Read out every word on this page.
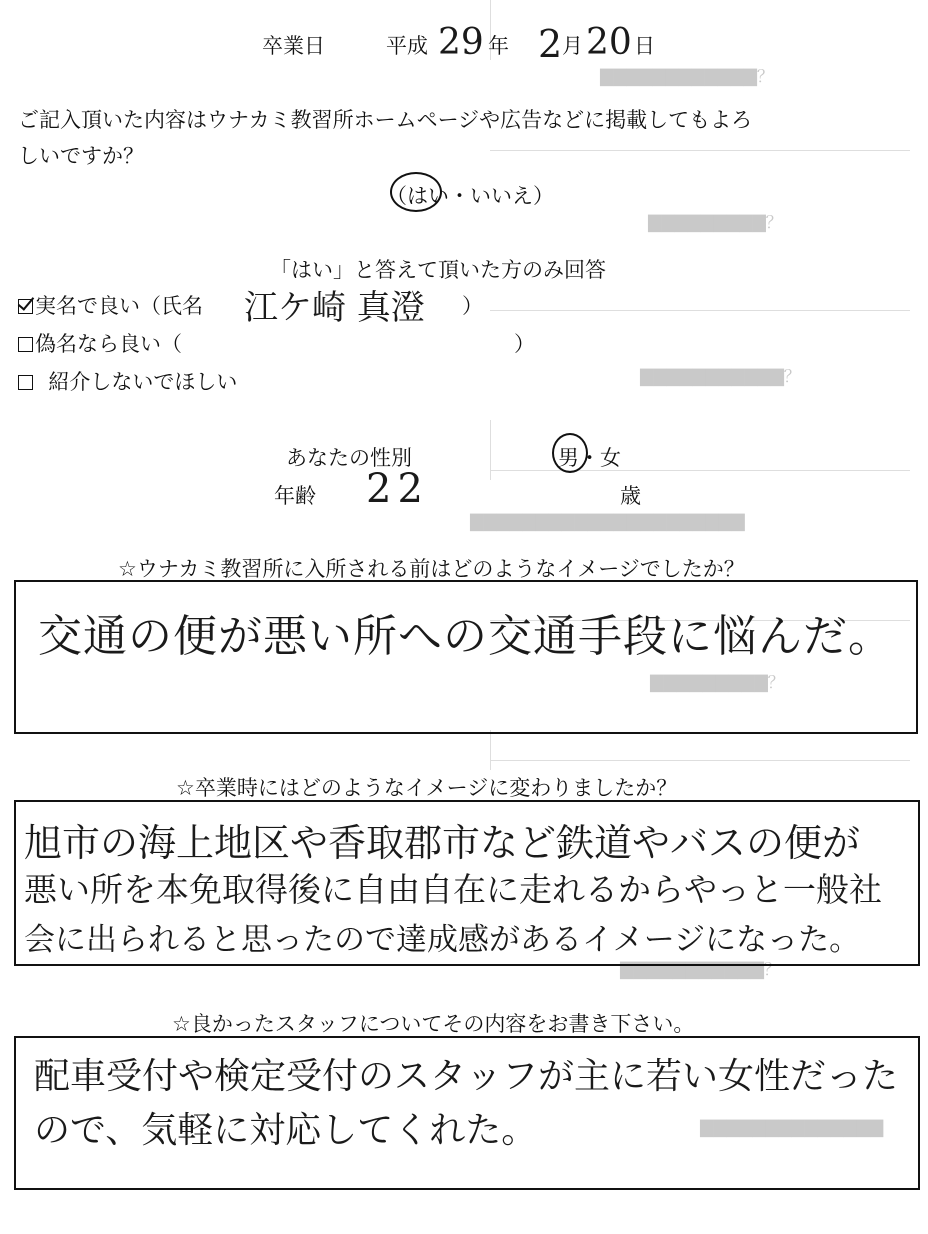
▇▇▇▇▇▇▇▇▇▇▇▇？
▇▇▇▇▇▇▇▇▇？
▇▇▇▇▇▇▇▇▇▇▇？
▇▇▇▇▇▇▇▇▇▇▇▇▇▇▇▇▇▇▇▇▇
▇▇▇▇▇▇▇▇▇？
▇▇▇▇▇▇▇▇▇▇▇？
▇▇▇▇▇▇▇▇▇▇▇▇▇▇
卒業日	平成 29 年 2 月 20 日
ご記入頂いた内容はウナカミ教習所ホームページや広告などに掲載してもよろ
しいですか？
（はい・いいえ）
「はい」と答えて頂いた方のみ回答
実名で良い（氏名 江ケ崎 真澄 ）
偽名なら良い（	）
紹介しないでほしい
あなたの性別	男・女
年齢 22	歳
☆ウナカミ教習所に入所される前はどのようなイメージでしたか？
交通の便が悪い所への交通手段に悩んだ。
☆卒業時にはどのようなイメージに変わりましたか？
旭市の海上地区や香取郡市など鉄道やバスの便が
悪い所を本免取得後に自由自在に走れるからやっと一般社
会に出られると思ったので達成感があるイメージになった。
☆良かったスタッフについてその内容をお書き下さい。
配車受付や検定受付のスタッフが主に若い女性だった
ので、気軽に対応してくれた。
